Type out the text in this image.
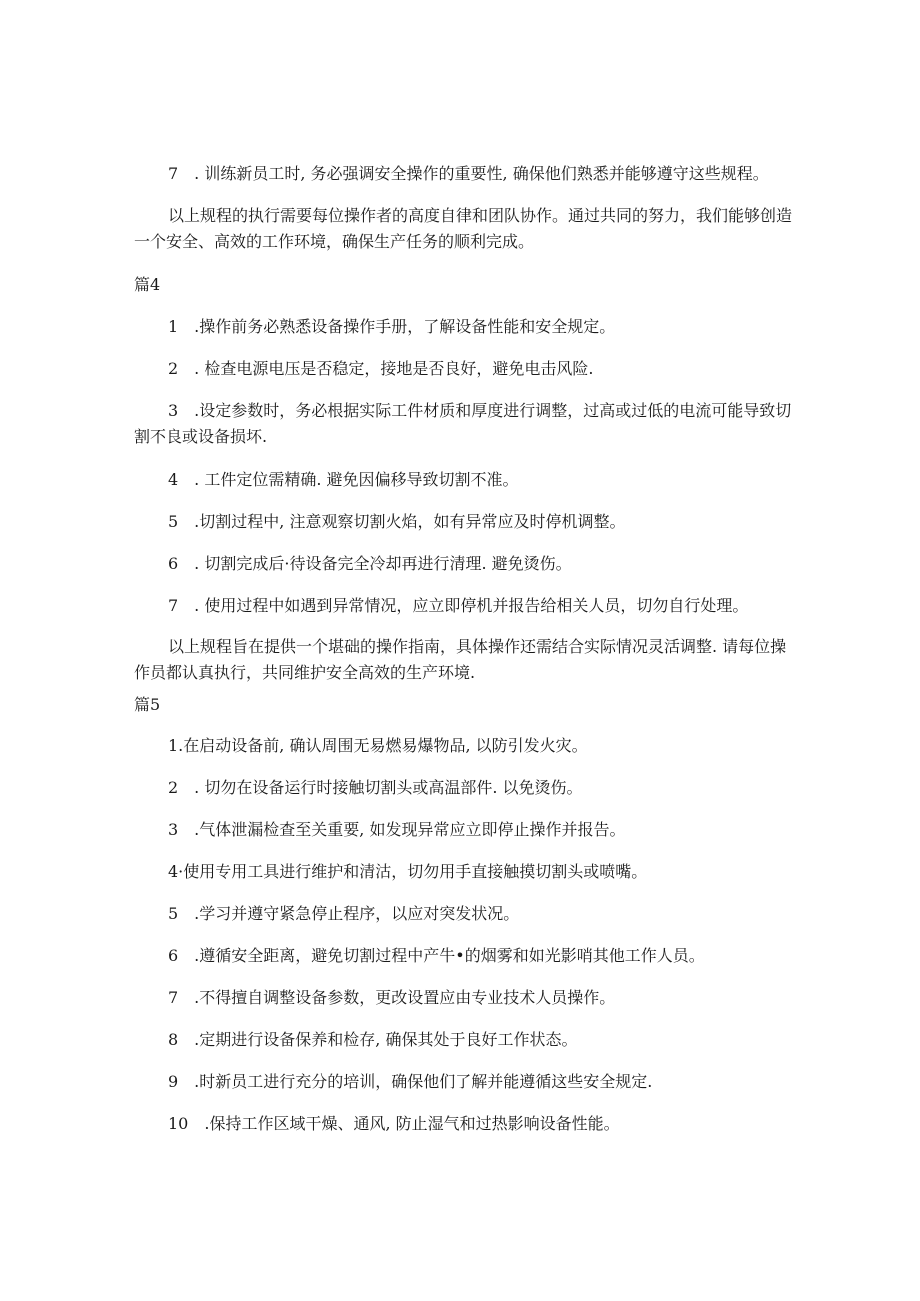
7　. 训练新员工时, 务必强调安全操作的重要性, 确保他们熟悉并能够遵守这些规程。

以上规程的执行需要每位操作者的高度自律和团队协作。通过共同的努力，我们能够创造一个安全、高效的工作环境，确保生产任务的顺利完成。

篇4

1　.操作前务必熟悉设备操作手册，了解设备性能和安全规定。

2　. 检查电源电压是否稳定，接地是否良好，避免电击风险.

3　.设定参数时，务必根据实际工件材质和厚度进行调整，过高或过低的电流可能导致切割不良或设备损坏.

4　. 工件定位需精确. 避免因偏移导致切割不准。

5　.切割过程中, 注意观察切割火焰，如有异常应及时停机调整。

6　. 切割完成后·待设备完全冷却再进行清理. 避免烫伤。

7　. 使用过程中如遇到异常情况，应立即停机并报告给相关人员，切勿自行处理。

以上规程旨在提供一个堪础的操作指南，具体操作还需结合实际情况灵活调整. 请每位操作员都认真执行，共同维护安全高效的生产环境.

篇5

1.在启动设备前, 确认周围无易燃易爆物品, 以防引发火灾。

2　. 切勿在设备运行时接触切割头或高温部件. 以免烫伤。

3　.气体泄漏检查至关重要, 如发现异常应立即停止操作并报告。

4·使用专用工具进行维护和清沽，切勿用手直接触摸切割头或喷嘴。

5　.学习并遵守紧急停止程序，以应对突发状况。

6　.遵循安全距离，避免切割过程中产牛•的烟雾和如光影哨其他工作人员。

7　.不得擅自调整设备参数，更改设置应由专业技术人员操作。

8　.定期进行设备保养和检存, 确保其处于良好工作状态。

9　.时新员工进行充分的培训，确保他们了解并能遵循这些安全规定.

10　.保持工作区域干燥、通风, 防止湿气和过热影响设备性能。
